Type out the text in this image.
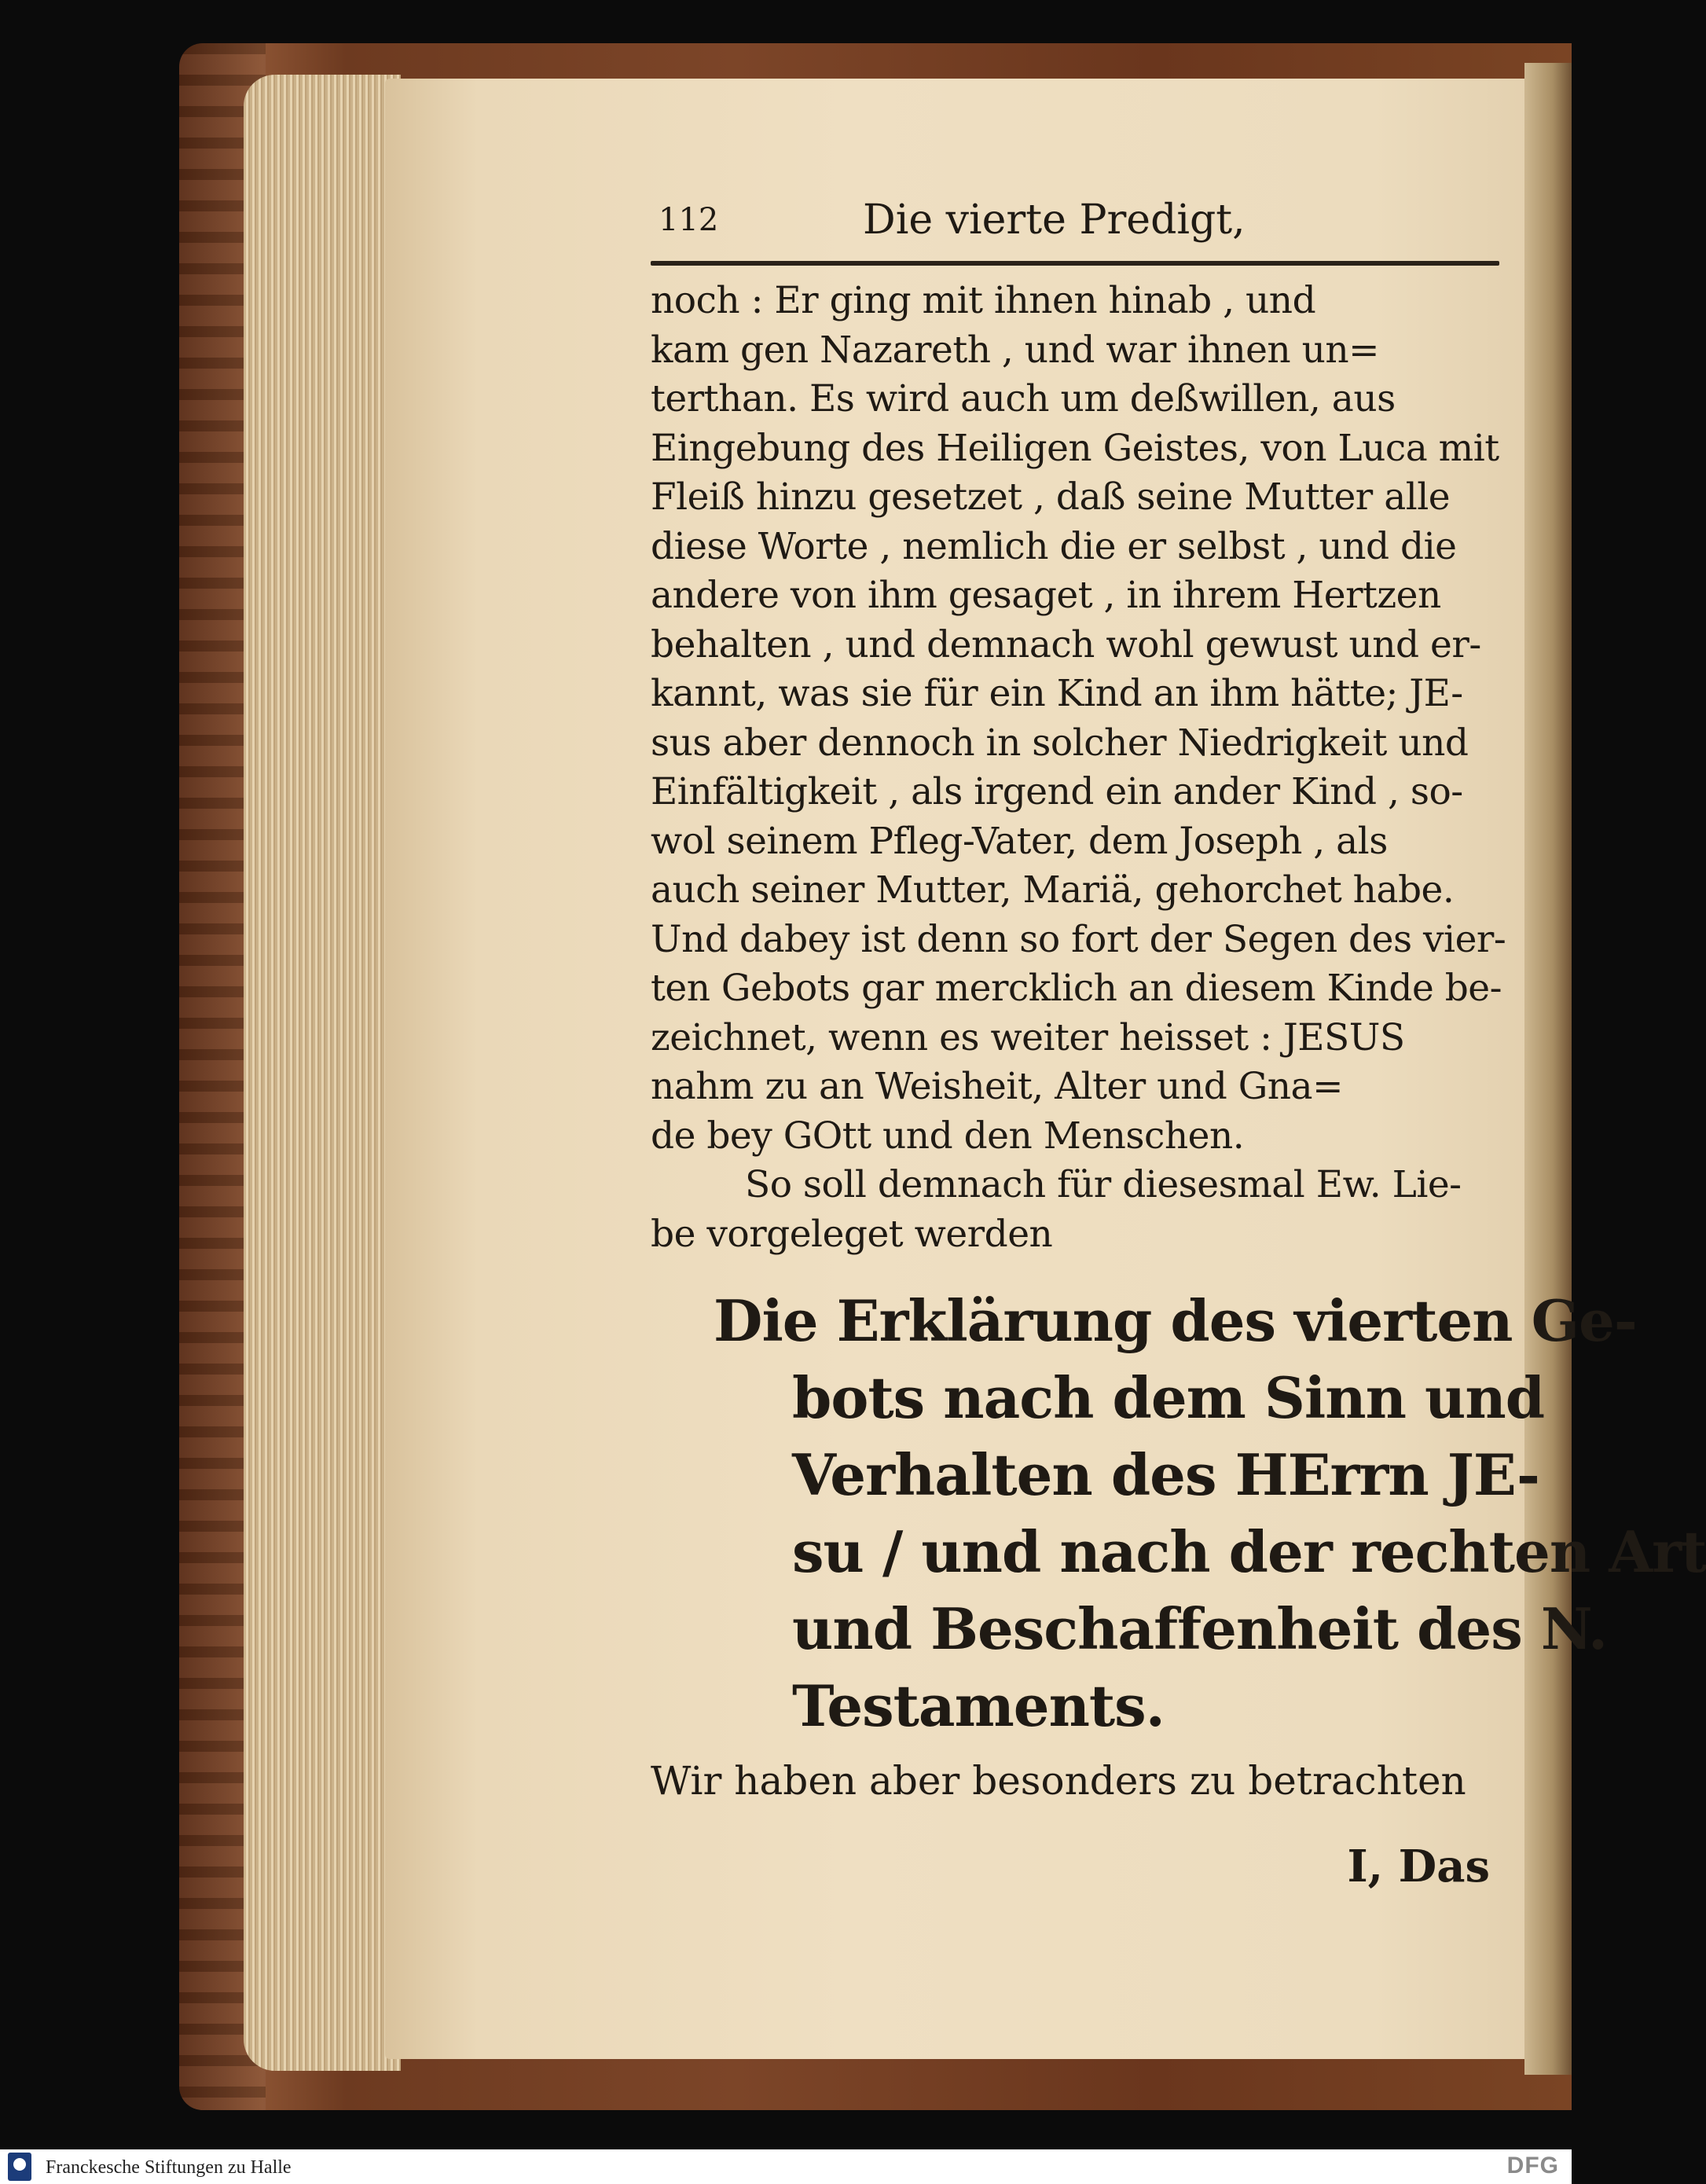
112	Die vierte Predigt,
noch : Er ging mit ihnen hinab , und
kam gen Nazareth , und war ihnen un=
terthan. Es wird auch um deßwillen, aus
Eingebung des Heiligen Geistes, von Luca mit
Fleiß hinzu gesetzet , daß seine Mutter alle
diese Worte , nemlich die er selbst , und die
andere von ihm gesaget , in ihrem Hertzen
behalten , und demnach wohl gewust und er-
kannt, was sie für ein Kind an ihm hätte; JE-
sus aber dennoch in solcher Niedrigkeit und
Einfältigkeit , als irgend ein ander Kind , so-
wol seinem Pfleg-Vater, dem Joseph , als
auch seiner Mutter, Mariä, gehorchet habe.
Und dabey ist denn so fort der Segen des vier-
ten Gebots gar mercklich an diesem Kinde be-
zeichnet, wenn es weiter heisset : JESUS
nahm zu an Weisheit, Alter und Gna=
de bey GOtt und den Menschen.
So soll demnach für diesesmal Ew. Lie-
be vorgeleget werden
Die Erklärung des vierten Ge-
bots nach dem Sinn und
Verhalten des HErrn JE-
su / und nach der rechten Art
und Beschaffenheit des N.
Testaments.
Wir haben aber besonders zu betrachten
I, Das
Franckesche Stiftungen zu Halle	DFG
